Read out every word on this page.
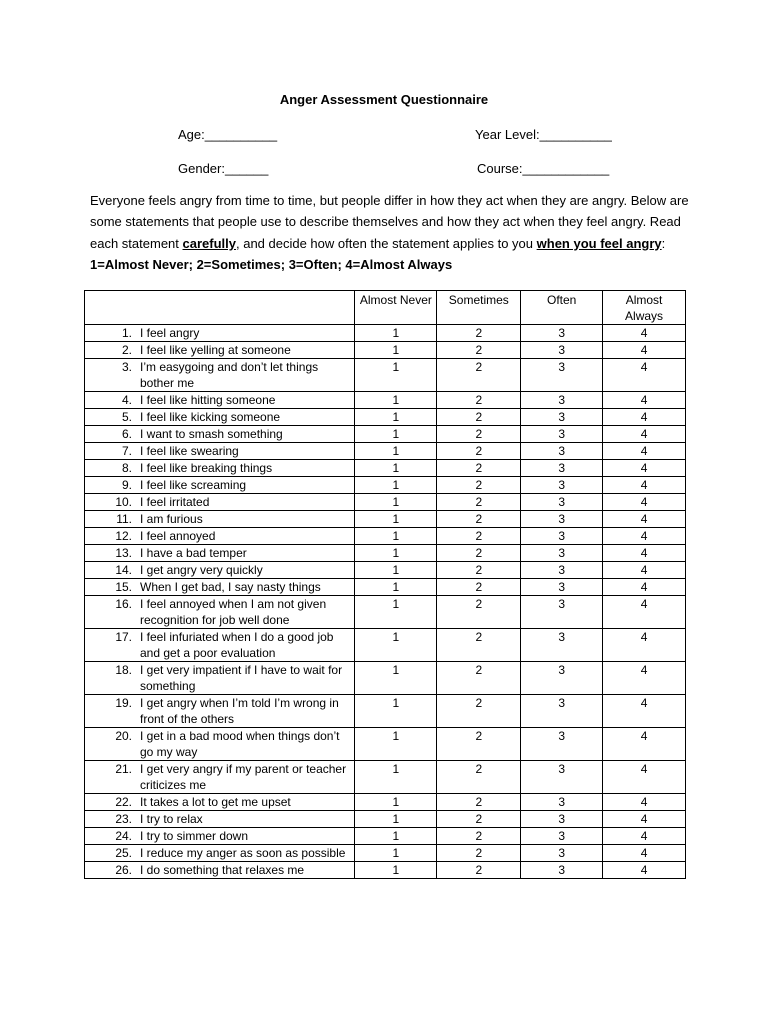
Anger Assessment Questionnaire
Age:__________	Year Level:__________
Gender:______	Course:____________
Everyone feels angry from time to time, but people differ in how they act when they are angry. Below are some statements that people use to describe themselves and how they act when they feel angry. Read each statement carefully, and decide how often the statement applies to you when you feel angry: 1=Almost Never; 2=Sometimes; 3=Often; 4=Almost Always
	Almost Never	Sometimes	Often	Almost Always

1. I feel angry	1	2	3	4

2. I feel like yelling at someone	1	2	3	4

3. I’m easygoing and don’t let things bother me	1	2	3	4

4. I feel like hitting someone	1	2	3	4

5. I feel like kicking someone	1	2	3	4

6. I want to smash something	1	2	3	4

7. I feel like swearing	1	2	3	4

8. I feel like breaking things	1	2	3	4

9. I feel like screaming	1	2	3	4

10. I feel irritated	1	2	3	4

11. I am furious	1	2	3	4

12. I feel annoyed	1	2	3	4

13. I have a bad temper	1	2	3	4

14. I get angry very quickly	1	2	3	4

15. When I get bad, I say nasty things	1	2	3	4

16. I feel annoyed when I am not given recognition for job well done	1	2	3	4

17. I feel infuriated when I do a good job and get a poor evaluation	1	2	3	4

18. I get very impatient if I have to wait for something	1	2	3	4

19. I get angry when I’m told I’m wrong in front of the others	1	2	3	4

20. I get in a bad mood when things don’t go my way	1	2	3	4

21. I get very angry if my parent or teacher criticizes me	1	2	3	4

22. It takes a lot to get me upset	1	2	3	4

23. I try to relax	1	2	3	4

24. I try to simmer down	1	2	3	4

25. I reduce my anger as soon as possible	1	2	3	4

26. I do something that relaxes me	1	2	3	4
